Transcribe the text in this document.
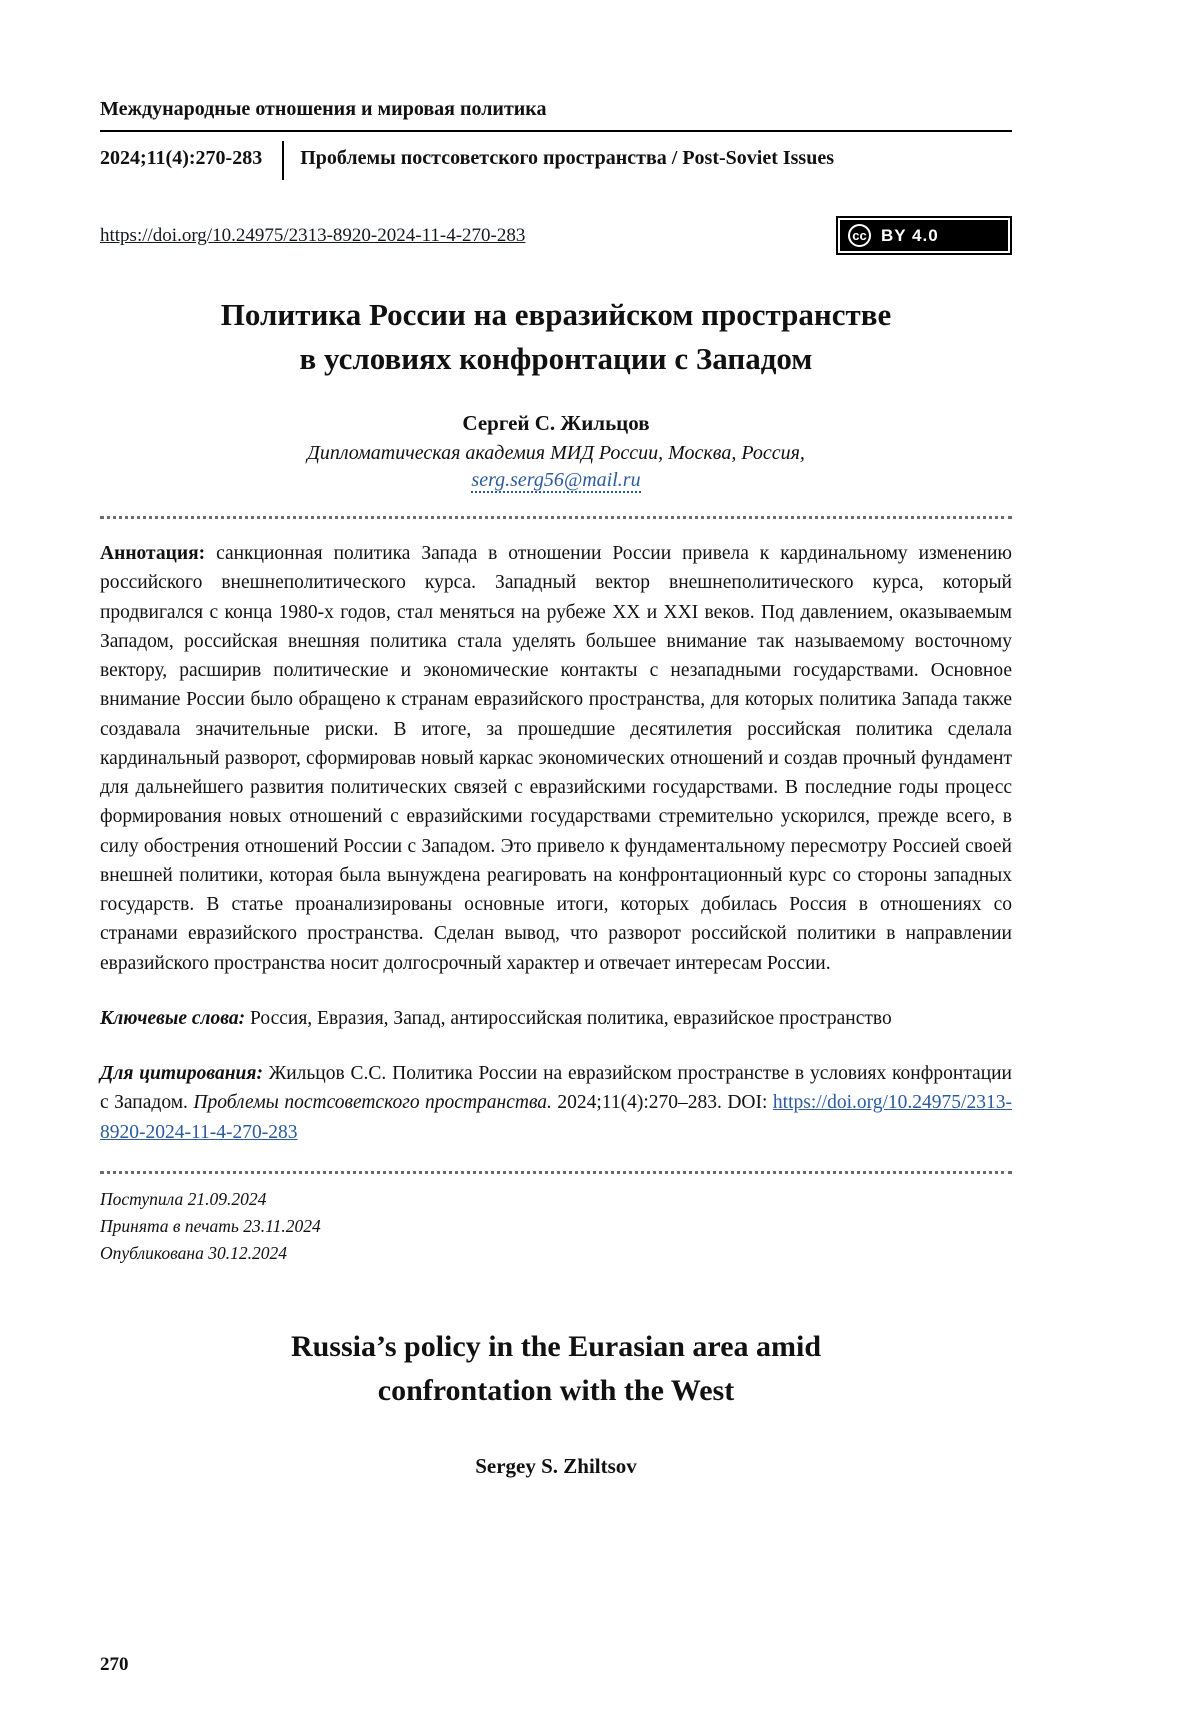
Международные отношения и мировая политика
2024;11(4):270-283 Проблемы постсоветского пространства / Post-Soviet Issues
https://doi.org/10.24975/2313-8920-2024-11-4-270-283	cc BY 4.0
Политика России на евразийском пространстве
в условиях конфронтации с Западом
Сергей С. Жильцов
Дипломатическая академия МИД России, Москва, Россия,
serg.serg56@mail.ru

Аннотация: санкционная политика Запада в отношении России привела к кардинальному изменению российского внешнеполитического курса. Западный вектор внешнеполитического курса, который продвигался с конца 1980-х годов, стал меняться на рубеже XX и XXI веков. Под давлением, оказываемым Западом, российская внешняя политика стала уделять большее внимание так называемому восточному вектору, расширив политические и экономические контакты с незападными государствами. Основное внимание России было обращено к странам евразийского пространства, для которых политика Запада также создавала значительные риски. В итоге, за прошедшие десятилетия российская политика сделала кардинальный разворот, сформировав новый каркас экономических отношений и создав прочный фундамент для дальнейшего развития политических связей с евразийскими государствами. В последние годы процесс формирования новых отношений с евразийскими государствами стремительно ускорился, прежде всего, в силу обострения отношений России с Западом. Это привело к фундаментальному пересмотру Россией своей внешней политики, которая была вынуждена реагировать на конфронтационный курс со стороны западных государств. В статье проанализированы основные итоги, которых добилась Россия в отношениях со странами евразийского пространства. Сделан вывод, что разворот российской политики в направлении евразийского пространства носит долгосрочный характер и отвечает интересам России.

Ключевые слова: Россия, Евразия, Запад, антироссийская политика, евразийское пространство

Для цитирования: Жильцов С.С. Политика России на евразийском пространстве в условиях конфронтации с Западом. Проблемы постсоветского пространства. 2024;11(4):270–283. DOI: https://doi.org/10.24975/2313-8920-2024-11-4-270-283

Поступила 21.09.2024
Принята в печать 23.11.2024
Опубликована 30.12.2024
Russia’s policy in the Eurasian area amid
confrontation with the West
Sergey S. Zhiltsov
270
